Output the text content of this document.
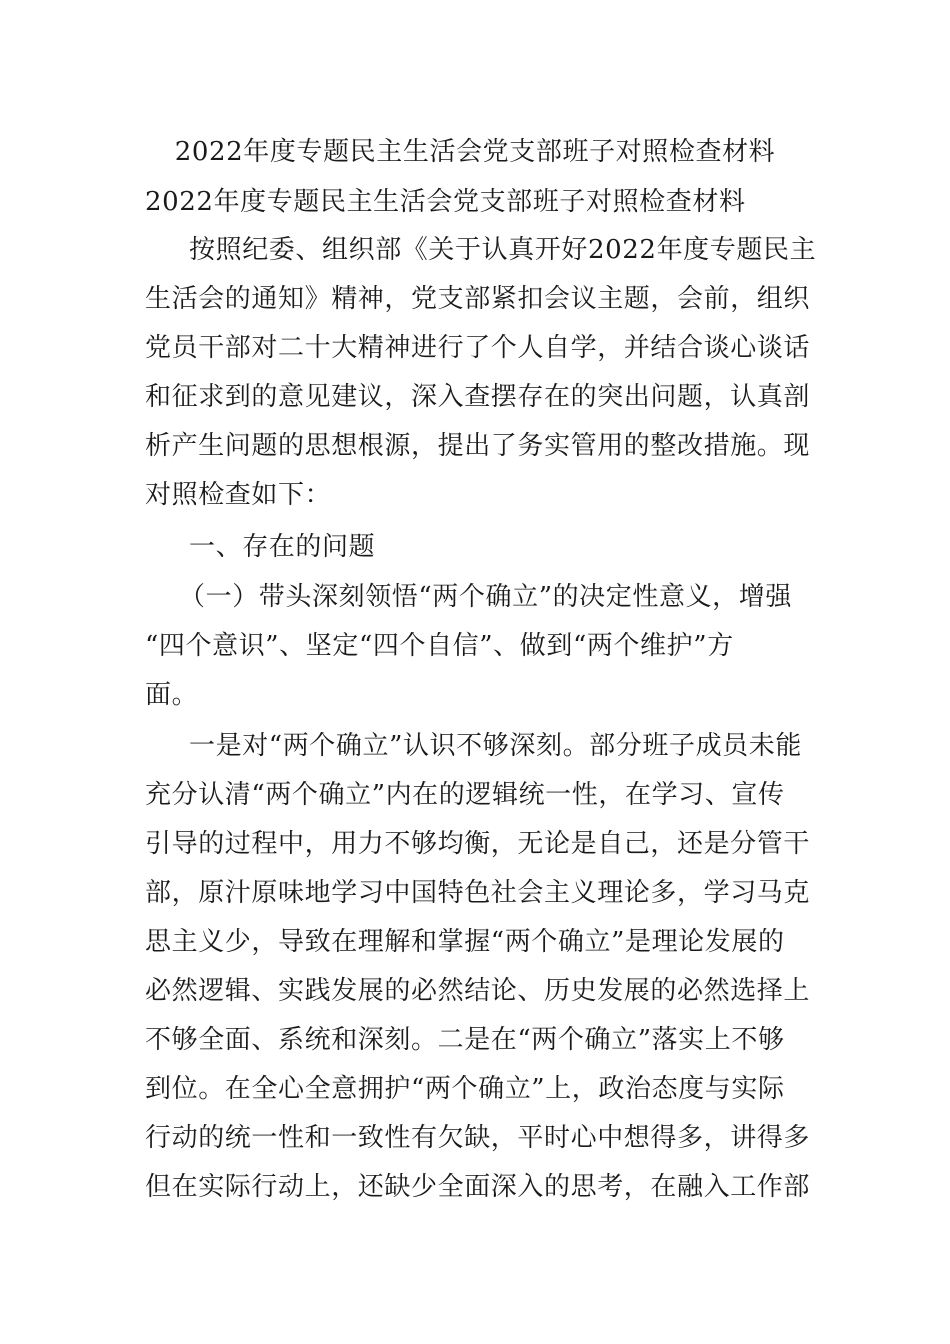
2022年度专题民主生活会党支部班子对照检查材料
2022年度专题民主生活会党支部班子对照检查材料
按照纪委、组织部《关于认真开好2022年度专题民主
生活会的通知》精神，党支部紧扣会议主题，会前，组织
党员干部对二十大精神进行了个人自学，并结合谈心谈话
和征求到的意见建议，深入查摆存在的突出问题，认真剖
析产生问题的思想根源，提出了务实管用的整改措施。现
对照检查如下：
一、存在的问题
（一）带头深刻领悟“两个确立”的决定性意义，增强
“四个意识”、坚定“四个自信”、做到“两个维护”方
面。
一是对“两个确立”认识不够深刻。部分班子成员未能
充分认清“两个确立”内在的逻辑统一性，在学习、宣传
引导的过程中，用力不够均衡，无论是自己，还是分管干
部，原汁原味地学习中国特色社会主义理论多，学习马克
思主义少，导致在理解和掌握“两个确立”是理论发展的
必然逻辑、实践发展的必然结论、历史发展的必然选择上
不够全面、系统和深刻。二是在“两个确立”落实上不够
到位。在全心全意拥护“两个确立”上，政治态度与实际
行动的统一性和一致性有欠缺，平时心中想得多，讲得多
但在实际行动上，还缺少全面深入的思考，在融入工作部
